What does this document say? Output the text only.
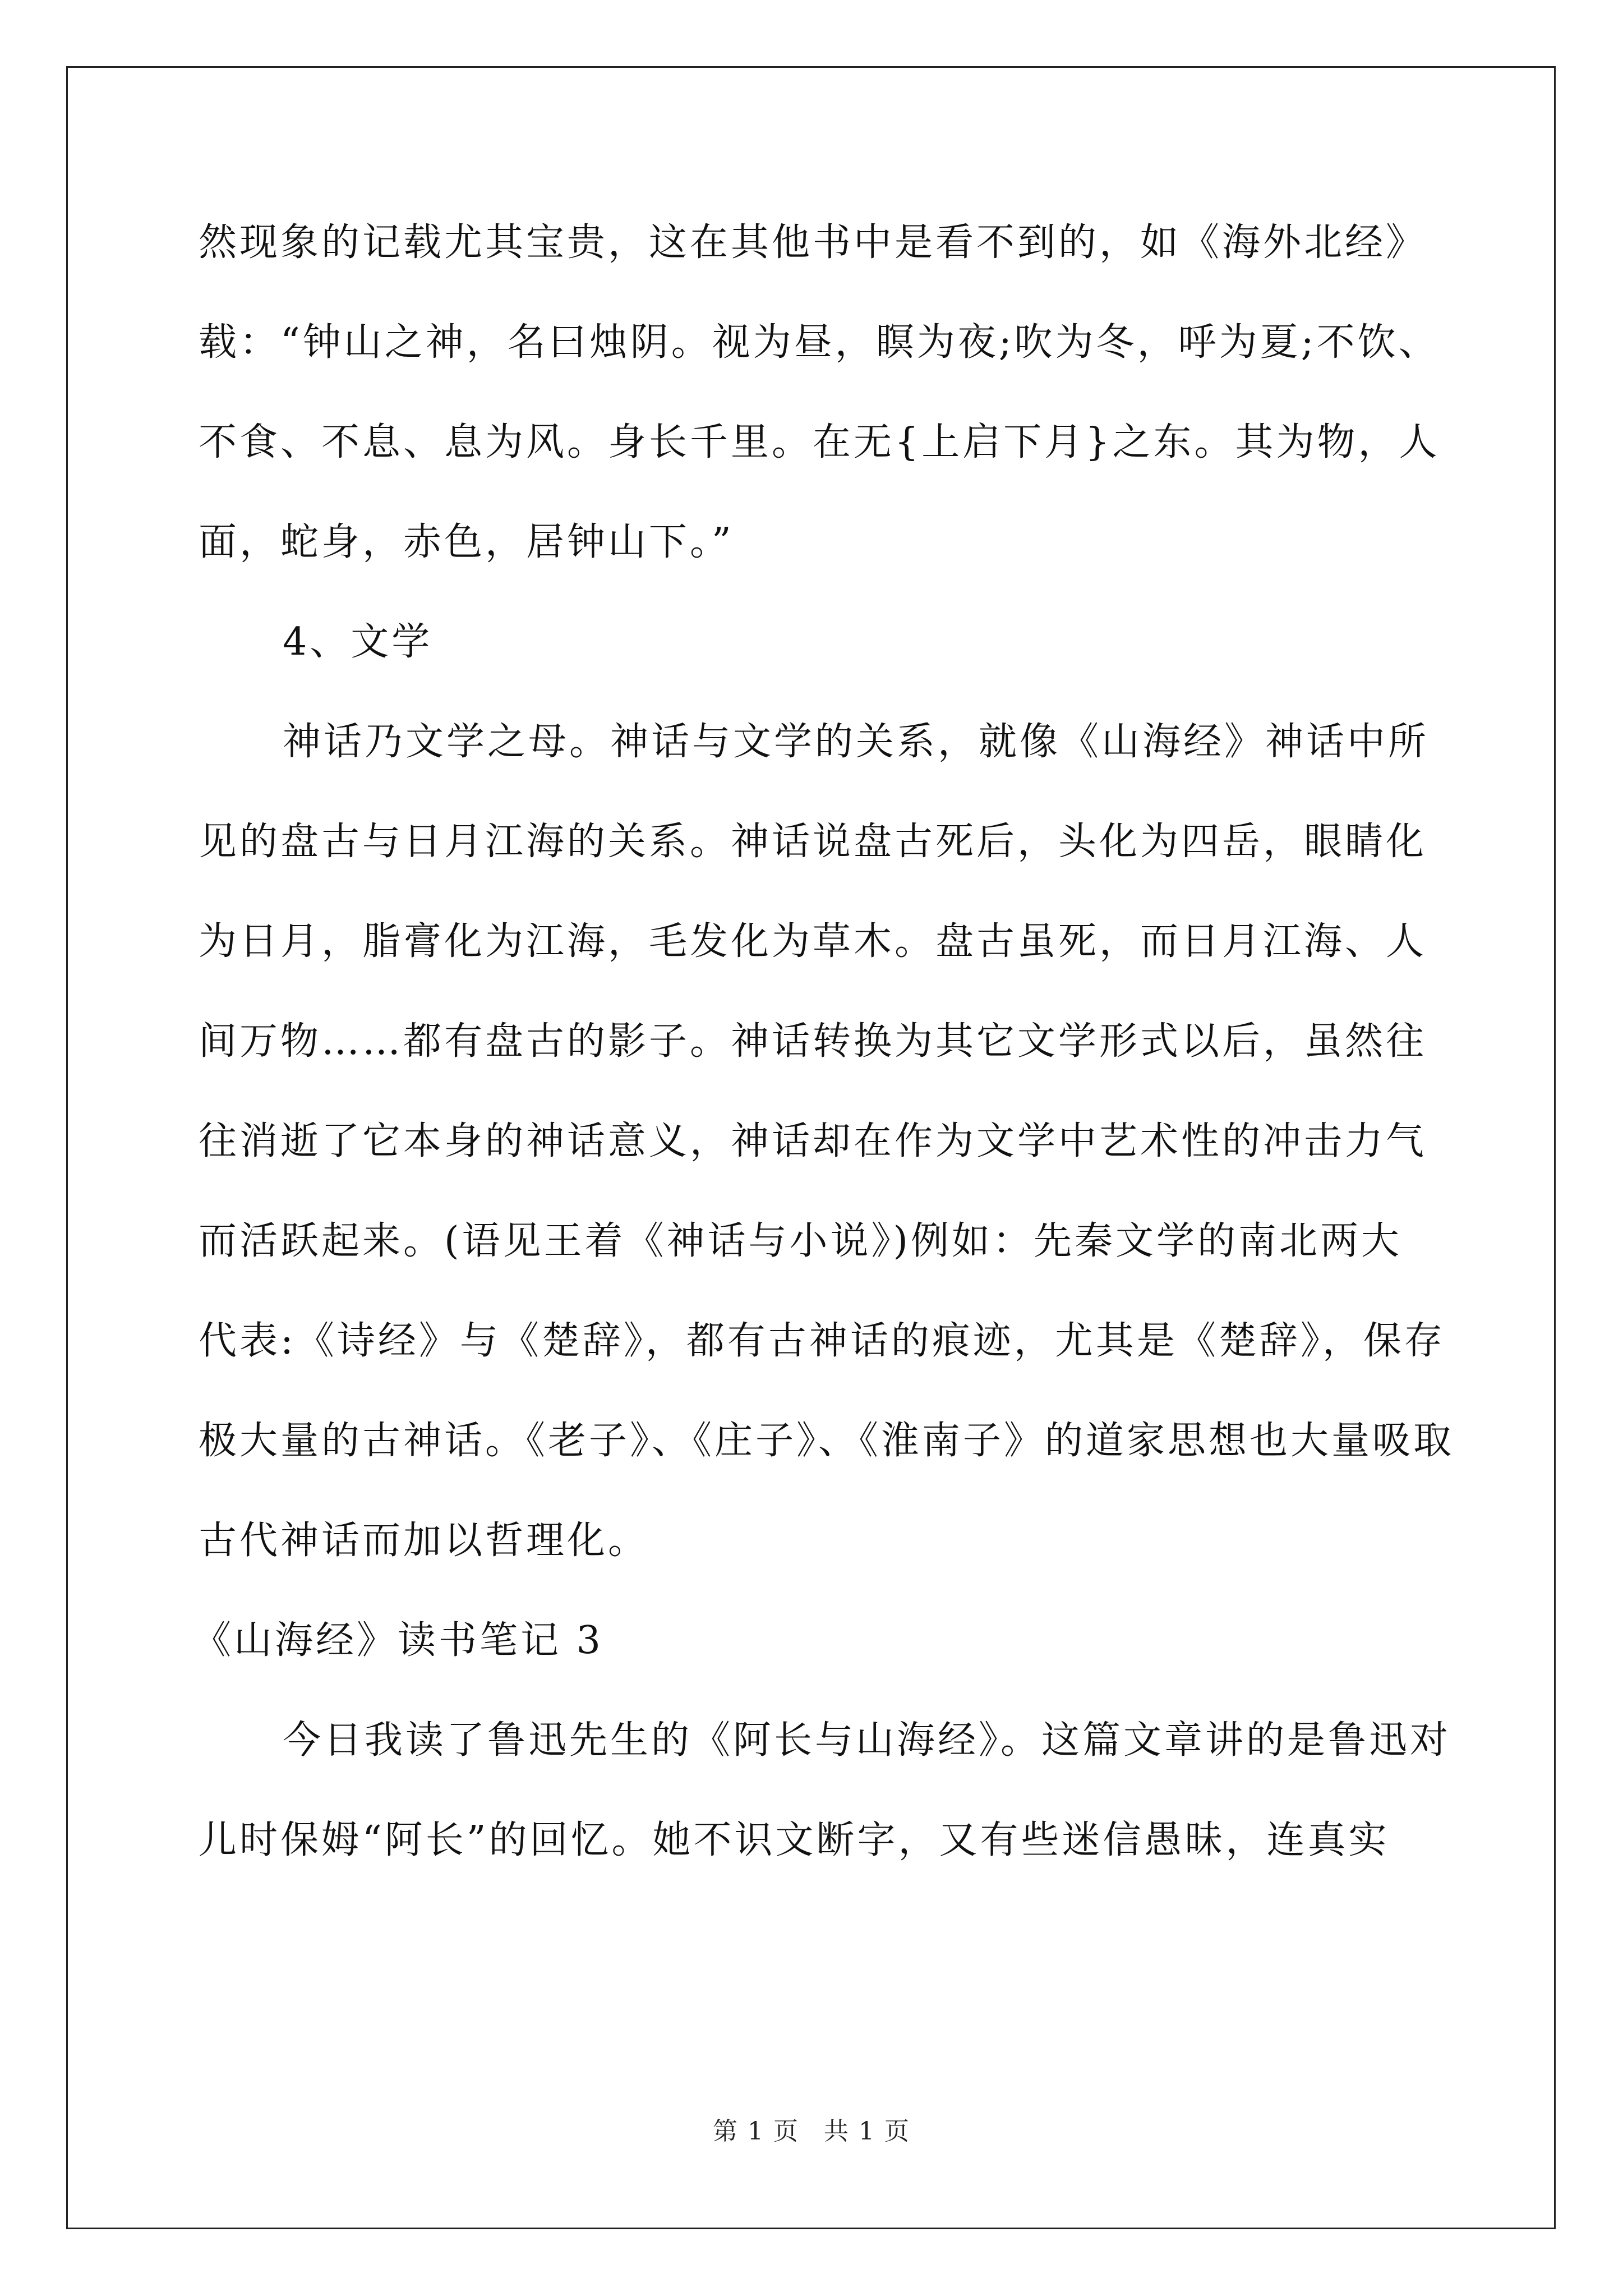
然现象的记载尤其宝贵，这在其他书中是看不到的，如《海外北经》
载：“钟山之神，名曰烛阴。视为昼，瞑为夜;吹为冬，呼为夏;不饮、
不食、不息、息为风。身长千里。在无{上启下月}之东。其为物，人
面，蛇身，赤色，居钟山下。”
4、文学
神话乃文学之母。神话与文学的关系，就像《山海经》神话中所
见的盘古与日月江海的关系。神话说盘古死后，头化为四岳，眼睛化
为日月，脂膏化为江海，毛发化为草木。盘古虽死，而日月江海、人
间万物……都有盘古的影子。神话转换为其它文学形式以后，虽然往
往消逝了它本身的神话意义，神话却在作为文学中艺术性的冲击力气
而活跃起来。(语见王着《神话与小说》)例如：先秦文学的南北两大
代表:《诗经》与《楚辞》，都有古神话的痕迹，尤其是《楚辞》，保存
极大量的古神话。《老子》、《庄子》、《淮南子》的道家思想也大量吸取
古代神话而加以哲理化。
《山海经》读书笔记 3
今日我读了鲁迅先生的《阿长与山海经》。这篇文章讲的是鲁迅对
儿时保姆“阿长”的回忆。她不识文断字，又有些迷信愚昧，连真实
第 1 页 共 1 页
